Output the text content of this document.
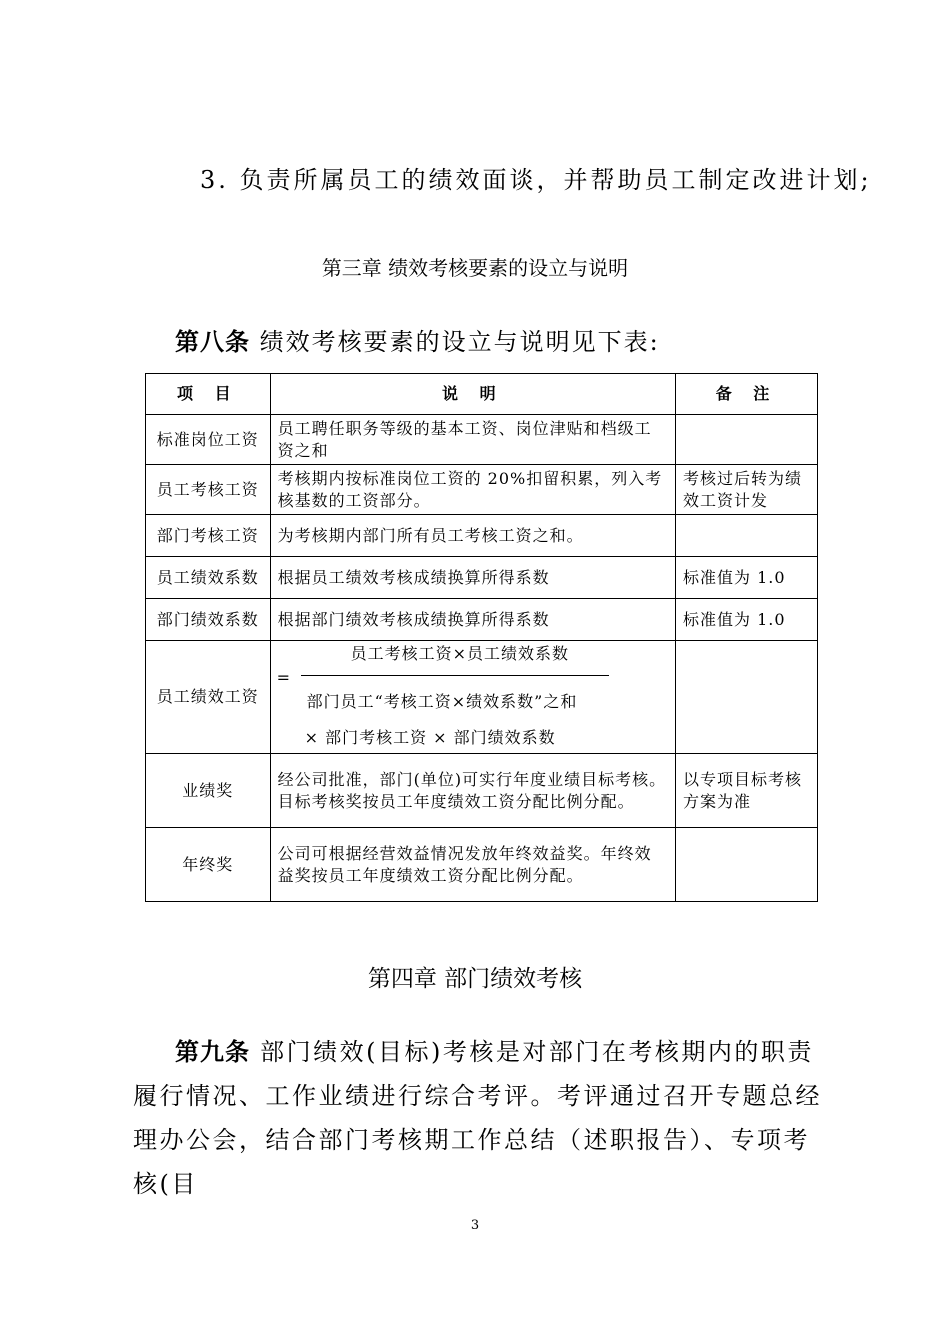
3. 负责所属员工的绩效面谈，并帮助员工制定改进计划;
第三章 绩效考核要素的设立与说明
第八条 绩效考核要素的设立与说明见下表:
项 目	说 明	备 注
标准岗位工资	员工聘任职务等级的基本工资、岗位津贴和档级工资之和	
员工考核工资	考核期内按标准岗位工资的 20%扣留积累，列入考核基数的工资部分。	考核过后转为绩效工资计发
部门考核工资	为考核期内部门所有员工考核工资之和。	
员工绩效系数	根据员工绩效考核成绩换算所得系数	标准值为 1.0
部门绩效系数	根据部门绩效考核成绩换算所得系数	标准值为 1.0
员工绩效工资	员工考核工资×员工绩效系数
=
部门员工“考核工资×绩效系数”之和
× 部门考核工资 × 部门绩效系数	

业绩奖	经公司批准，部门(单位)可实行年度业绩目标考核。目标考核奖按员工年度绩效工资分配比例分配。	以专项目标考核方案为准
年终奖	公司可根据经营效益情况发放年终效益奖。年终效益奖按员工年度绩效工资分配比例分配。	
第四章 部门绩效考核
第九条 部门绩效(目标)考核是对部门在考核期内的职责履行情况、工作业绩进行综合考评。考评通过召开专题总经理办公会，结合部门考核期工作总结（述职报告）、专项考核(目
3
